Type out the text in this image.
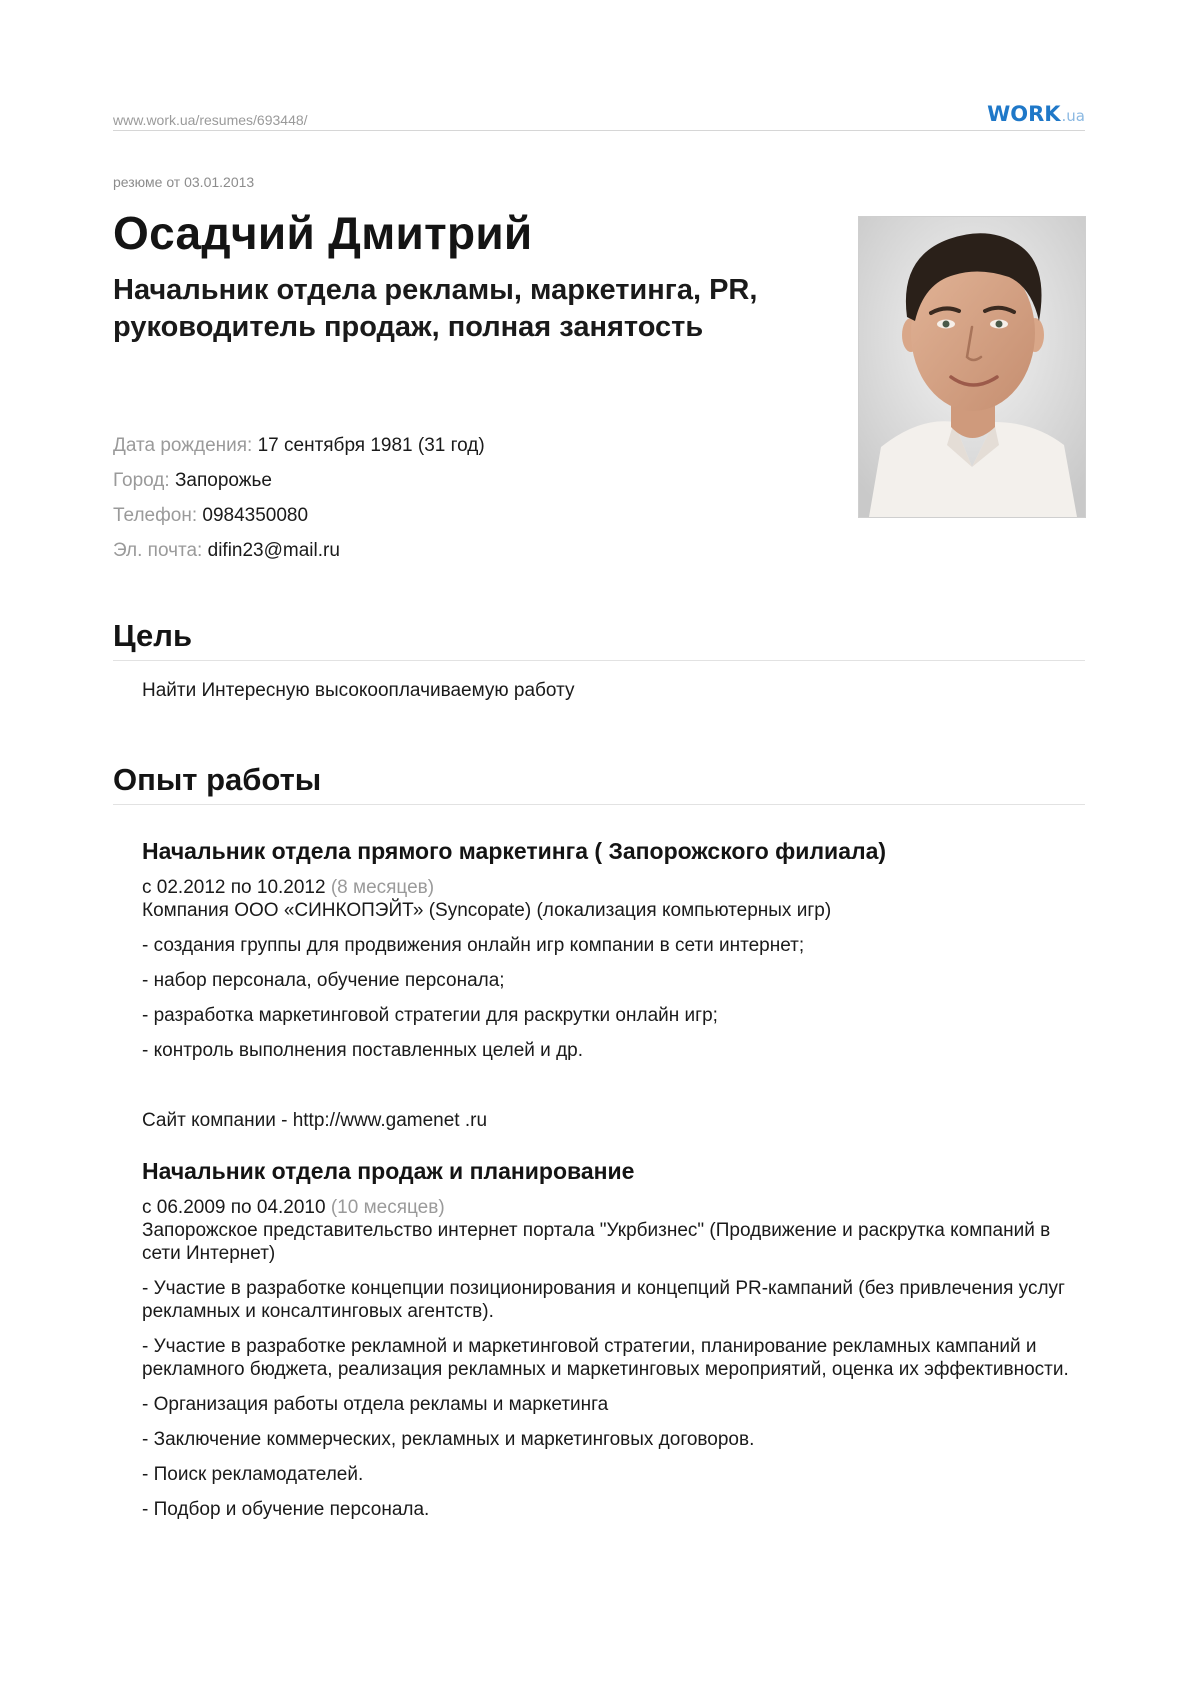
www.work.ua/resumes/693448/	WORK.ua
резюме от 03.01.2013
Осадчий Дмитрий
Начальник отдела рекламы, маркетинга, PR, руководитель продаж, полная занятость
Дата рождения: 17 сентября 1981 (31 год)
Город: Запорожье
Телефон: 0984350080
Эл. почта: difin23@mail.ru
Цель
Найти Интересную высокооплачиваемую работу
Опыт работы
Начальник отдела прямого маркетинга ( Запорожского филиала)
с 02.2012 по 10.2012 (8 месяцев)
Компания ООО «СИНКОПЭЙТ» (Syncopate) (локализация компьютерных игр)
- создания группы для продвижения онлайн игр компании в сети интернет;
- набор персонала, обучение персонала;
- разработка маркетинговой стратегии для раскрутки онлайн игр;
- контроль выполнения поставленных целей и др.
Сайт компании - http://www.gamenet .ru
Начальник отдела продаж и планирование
с 06.2009 по 04.2010 (10 месяцев)
Запорожское представительство интернет портала "Укрбизнес" (Продвижение и раскрутка компаний в сети Интернет)
- Участие в разработке концепции позиционирования и концепций PR-кампаний (без привлечения услуг рекламных и консалтинговых агентств).
- Участие в разработке рекламной и маркетинговой стратегии, планирование рекламных кампаний и рекламного бюджета, реализация рекламных и маркетинговых мероприятий, оценка их эффективности.
- Организация работы отдела рекламы и маркетинга
- Заключение коммерческих, рекламных и маркетинговых договоров.
- Поиск рекламодателей.
- Подбор и обучение персонала.
